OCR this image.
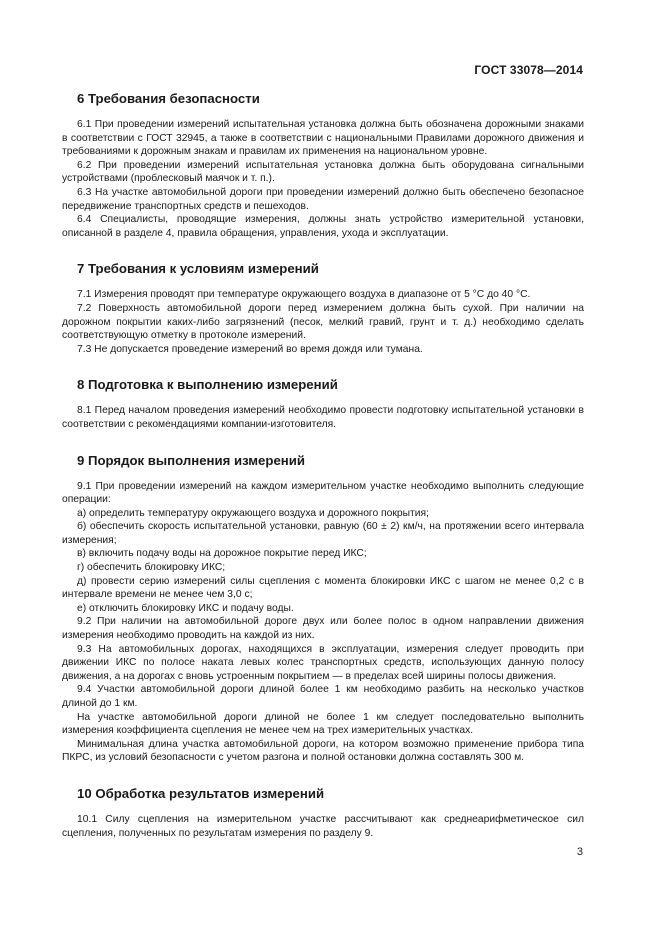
ГОСТ 33078—2014
6 Требования безопасности

6.1 При проведении измерений испытательная установка должна быть обозначена дорожными знаками в соответствии с ГОСТ 32945, а также в соответствии с национальными Правилами дорожного движения и требованиями к дорожным знакам и правилам их применения на национальном уровне.

6.2 При проведении измерений испытательная установка должна быть оборудована сигнальными устройствами (проблесковый маячок и т. п.).

6.3 На участке автомобильной дороги при проведении измерений должно быть обеспечено безопасное передвижение транспортных средств и пешеходов.

6.4 Специалисты, проводящие измерения, должны знать устройство измерительной установки, описанной в разделе 4, правила обращения, управления, ухода и эксплуатации.

7 Требования к условиям измерений

7.1 Измерения проводят при температуре окружающего воздуха в диапазоне от 5 °С до 40 °С.

7.2 Поверхность автомобильной дороги перед измерением должна быть сухой. При наличии на дорожном покрытии каких-либо загрязнений (песок, мелкий гравий, грунт и т. д.) необходимо сделать соответствующую отметку в протоколе измерений.

7.3 Не допускается проведение измерений во время дождя или тумана.

8 Подготовка к выполнению измерений

8.1 Перед началом проведения измерений необходимо провести подготовку испытательной установки в соответствии с рекомендациями компании-изготовителя.

9 Порядок выполнения измерений

9.1 При проведении измерений на каждом измерительном участке необходимо выполнить следующие операции:

а) определить температуру окружающего воздуха и дорожного покрытия;

б) обеспечить скорость испытательной установки, равную (60 ± 2) км/ч, на протяжении всего интервала измерения;

в) включить подачу воды на дорожное покрытие перед ИКС;

г) обеспечить блокировку ИКС;

д) провести серию измерений силы сцепления с момента блокировки ИКС с шагом не менее 0,2 с в интервале времени не менее чем 3,0 с;

е) отключить блокировку ИКС и подачу воды.

9.2 При наличии на автомобильной дороге двух или более полос в одном направлении движения измерения необходимо проводить на каждой из них.

9.3 На автомобильных дорогах, находящихся в эксплуатации, измерения следует проводить при движении ИКС по полосе наката левых колес транспортных средств, использующих данную полосу движения, а на дорогах с вновь устроенным покрытием — в пределах всей ширины полосы движения.

9.4 Участки автомобильной дороги длиной более 1 км необходимо разбить на несколько участков длиной до 1 км.

На участке автомобильной дороги длиной не более 1 км следует последовательно выполнить измерения коэффициента сцепления не менее чем на трех измерительных участках.

Минимальная длина участка автомобильной дороги, на котором возможно применение прибора типа ПКРС, из условий безопасности с учетом разгона и полной остановки должна составлять 300 м.

10 Обработка результатов измерений

10.1 Силу сцепления на измерительном участке рассчитывают как среднеарифметическое сил сцепления, полученных по результатам измерения по разделу 9.

3
